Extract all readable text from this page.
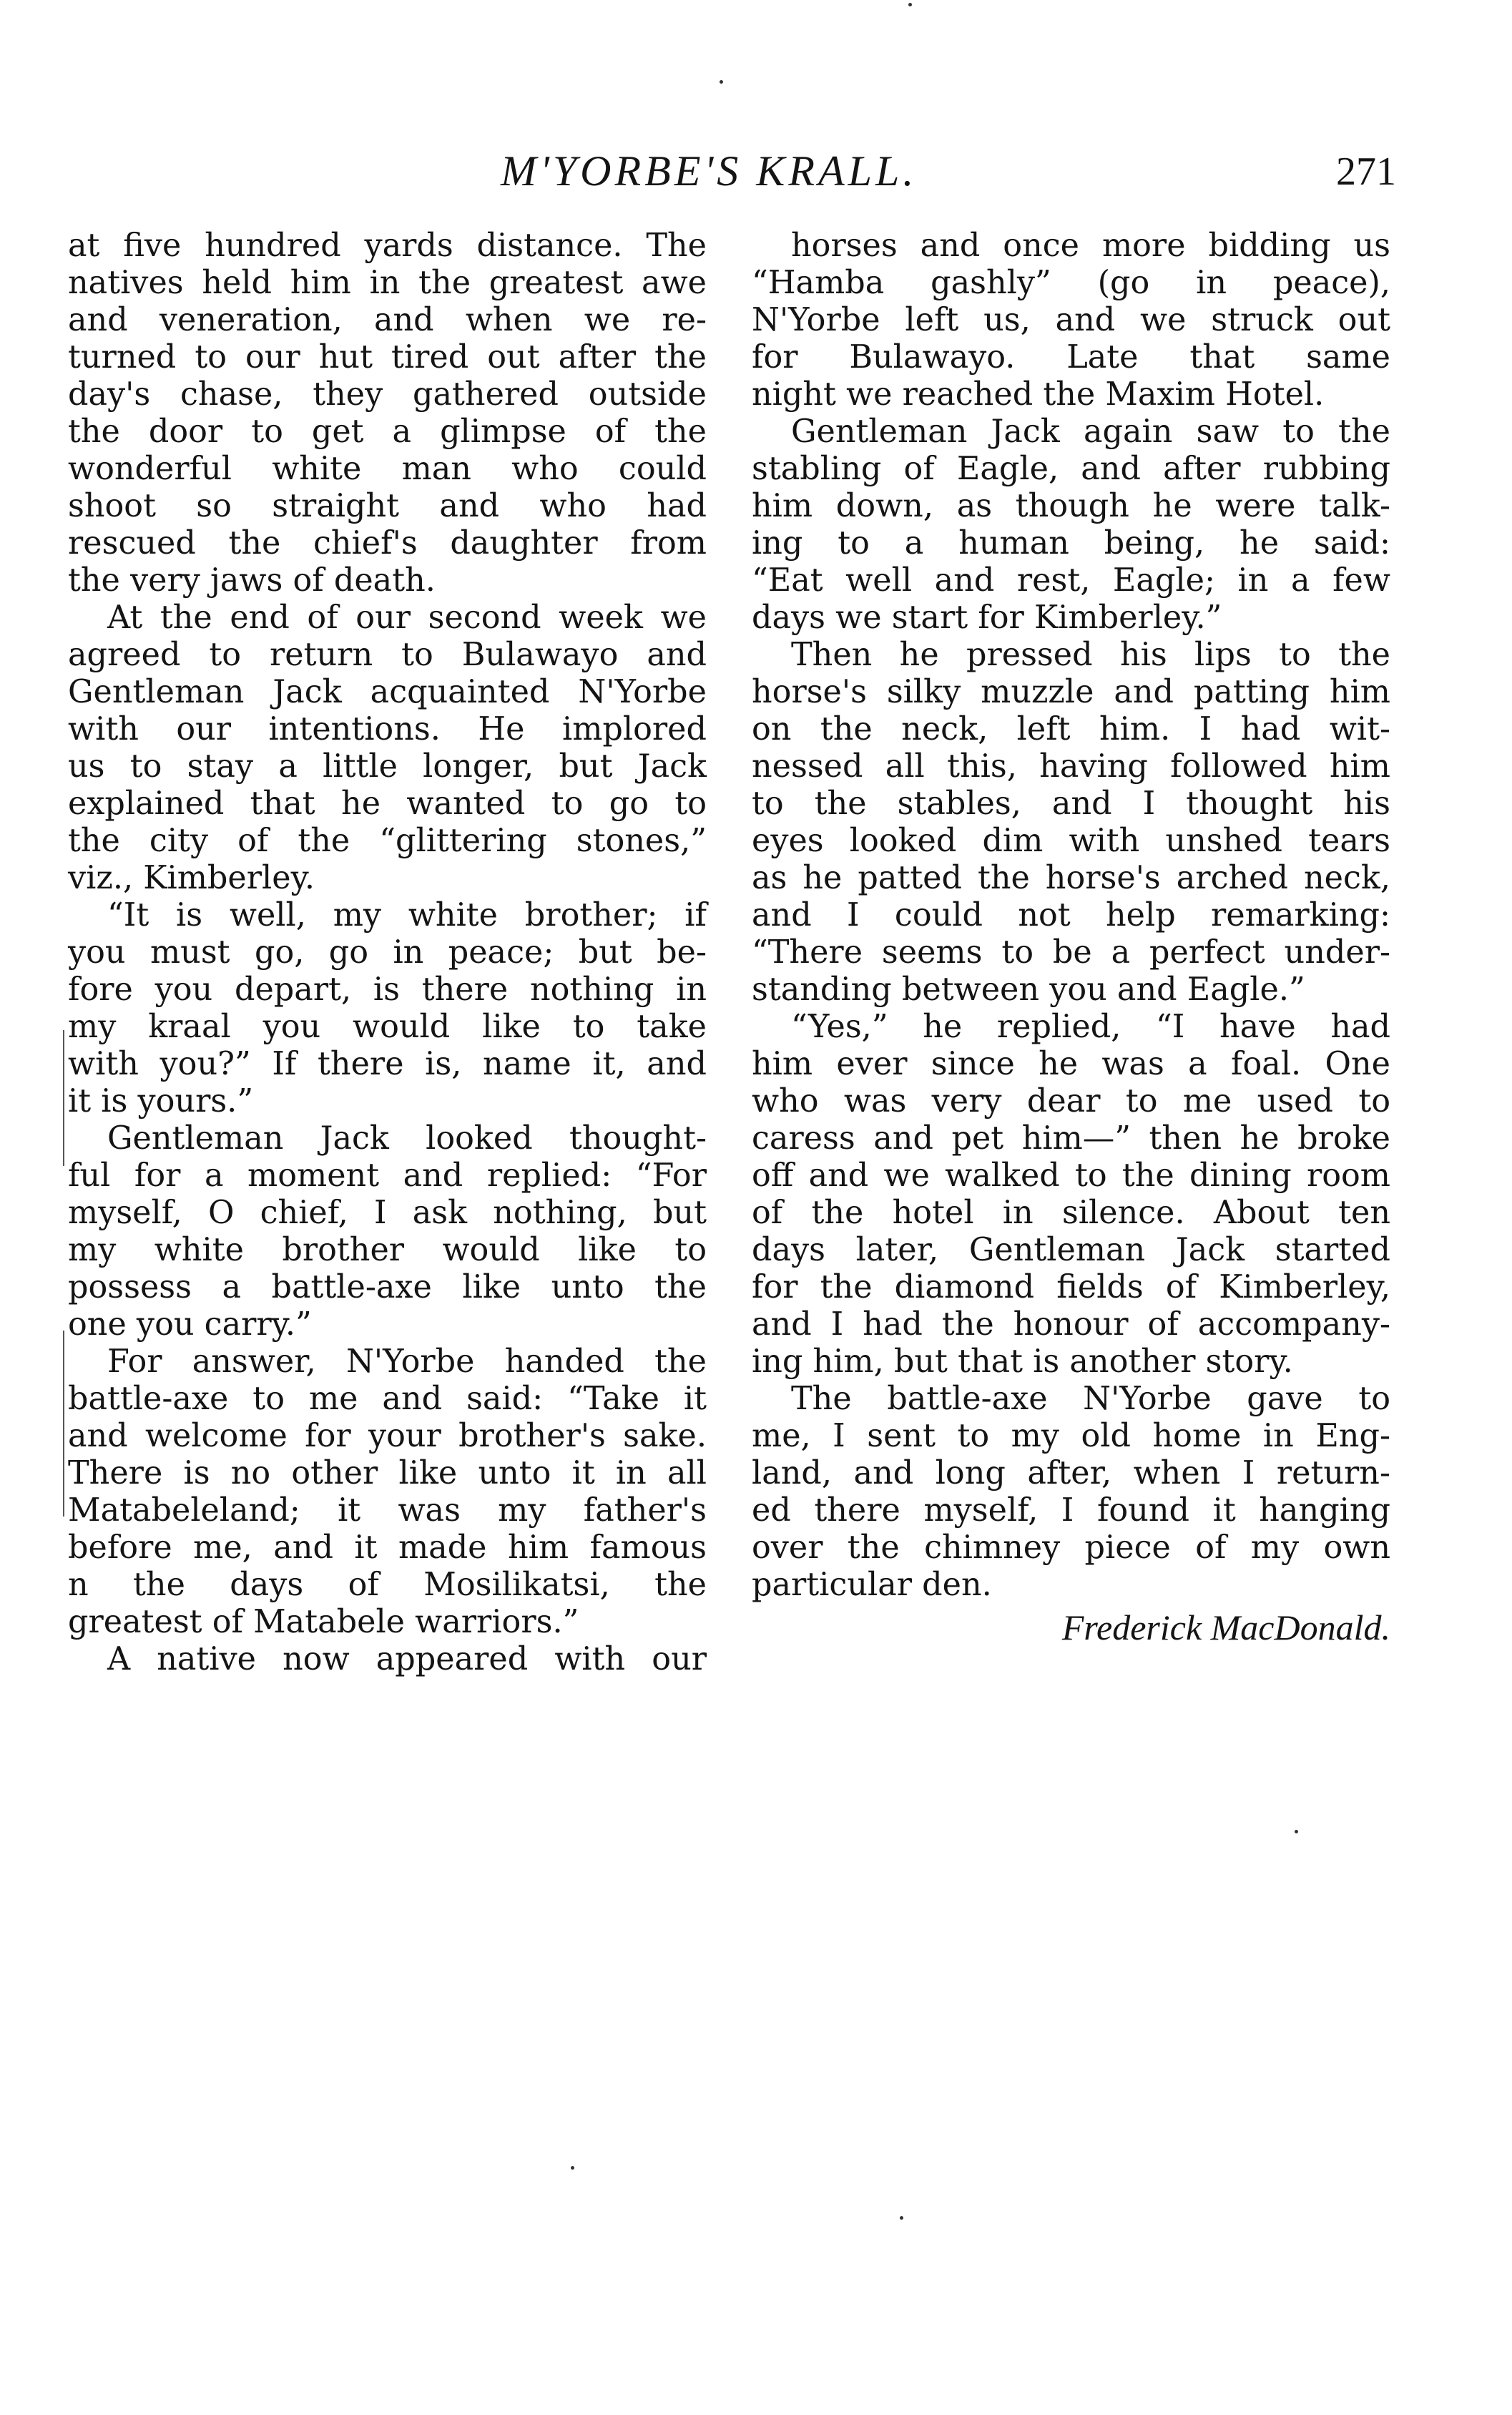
M'YORBE'S KRALL.	271
at five hundred yards distance. The
natives held him in the greatest awe
and veneration, and when we re-
turned to our hut tired out after the
day's chase, they gathered outside
the door to get a glimpse of the
wonderful white man who could
shoot so straight and who had
rescued the chief's daughter from
the very jaws of death.
At the end of our second week we
agreed to return to Bulawayo and
Gentleman Jack acquainted N'Yorbe
with our intentions. He implored
us to stay a little longer, but Jack
explained that he wanted to go to
the city of the “glittering stones,”
viz., Kimberley.
“It is well, my white brother; if
you must go, go in peace; but be-
fore you depart, is there nothing in
my kraal you would like to take
with you?” If there is, name it, and
it is yours.”
Gentleman Jack looked thought-
ful for a moment and replied: “For
myself, O chief, I ask nothing, but
my white brother would like to
possess a battle-axe like unto the
one you carry.”
For answer, N'Yorbe handed the
battle-axe to me and said: “Take it
and welcome for your brother's sake.
There is no other like unto it in all
Matabeleland; it was my father's
before me, and it made him famous
n the days of Mosilikatsi, the
greatest of Matabele warriors.”
A native now appeared with our
horses and once more bidding us
“Hamba gashly” (go in peace),
N'Yorbe left us, and we struck out
for Bulawayo. Late that same
night we reached the Maxim Hotel.
Gentleman Jack again saw to the
stabling of Eagle, and after rubbing
him down, as though he were talk-
ing to a human being, he said:
“Eat well and rest, Eagle; in a few
days we start for Kimberley.”
Then he pressed his lips to the
horse's silky muzzle and patting him
on the neck, left him. I had wit-
nessed all this, having followed him
to the stables, and I thought his
eyes looked dim with unshed tears
as he patted the horse's arched neck,
and I could not help remarking:
“There seems to be a perfect under-
standing between you and Eagle.”
“Yes,” he replied, “I have had
him ever since he was a foal. One
who was very dear to me used to
caress and pet him—” then he broke
off and we walked to the dining room
of the hotel in silence. About ten
days later, Gentleman Jack started
for the diamond fields of Kimberley,
and I had the honour of accompany-
ing him, but that is another story.
The battle-axe N'Yorbe gave to
me, I sent to my old home in Eng-
land, and long after, when I return-
ed there myself, I found it hanging
over the chimney piece of my own
particular den.
Frederick MacDonald.
